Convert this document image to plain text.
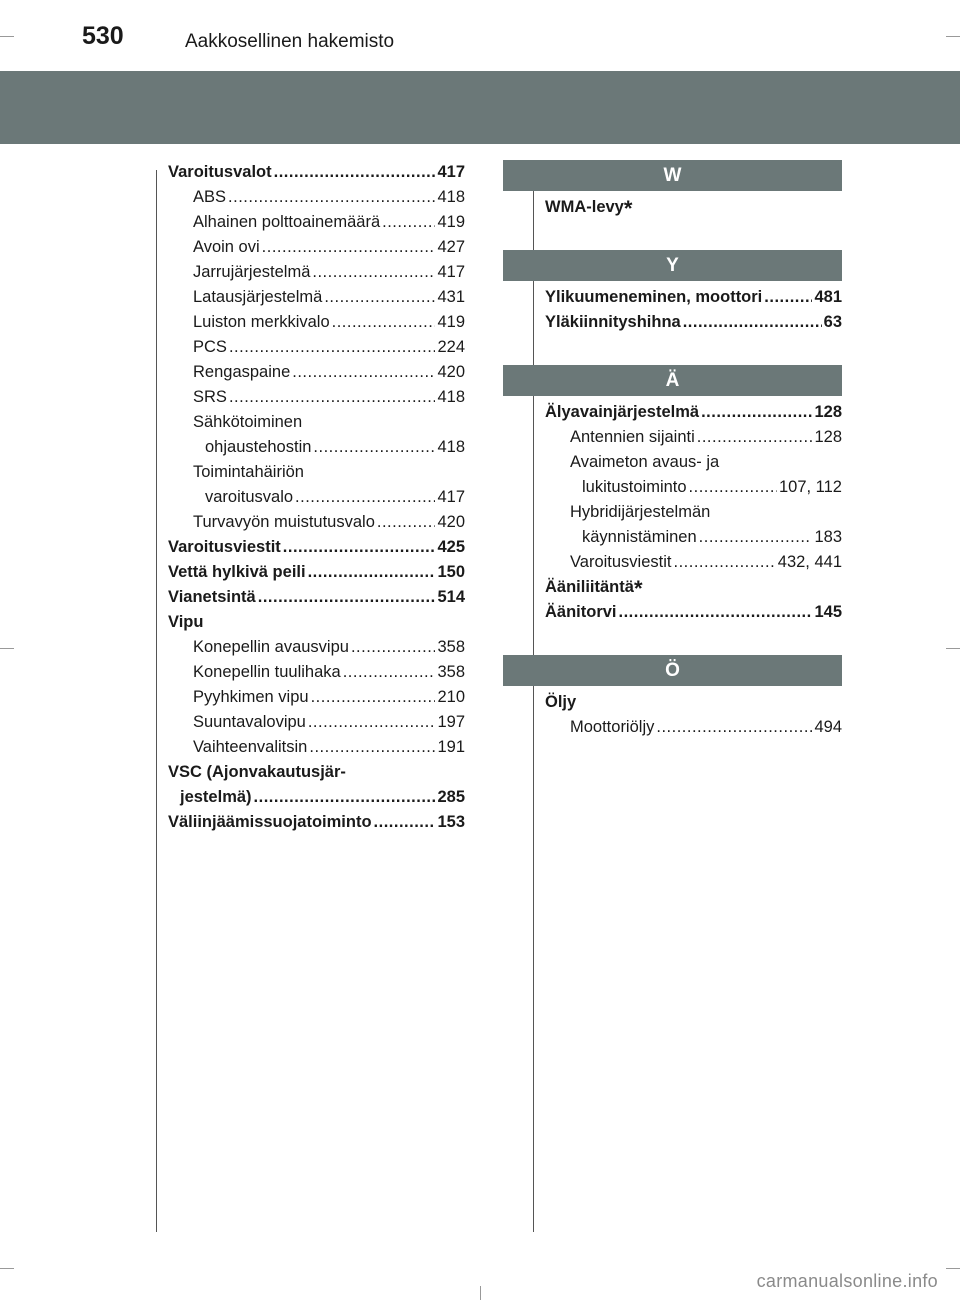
530	Aakkosellinen hakemisto
Varoitusvalot .....	417
ABS .....	418
Alhainen polttoainemäärä .....	419
Avoin ovi .....	427
Jarrujärjestelmä .....	417
Latausjärjestelmä .....	431
Luiston merkkivalo .....	419
PCS .....	224
Rengaspaine .....	420
SRS .....	418
Sähkötoiminen
ohjaustehostin .....	418
Toimintahäiriön
varoitusvalo .....	417
Turvavyön muistutusvalo .....	420
Varoitusviestit .....	425
Vettä hylkivä peili .....	150
Vianetsintä .....	514
Vipu
Konepellin avausvipu .....	358
Konepellin tuulihaka .....	358
Pyyhkimen vipu .....	210
Suuntavalovipu .....	197
Vaihteenvalitsin .....	191
VSC (Ajonvakautusjär-
jestelmä) .....	285
Väliinjäämissuojatoiminto .....	153
W
WMA-levy*
Y
Ylikuumeneminen, moottori .....	481
Yläkiinnityshihna .....	63
Ä
Älyavainjärjestelmä .....	128
Antennien sijainti .....	128
Avaimeton avaus- ja
lukitustoiminto .....	107, 112
Hybridijärjestelmän
käynnistäminen .....	183
Varoitusviestit .....	432, 441
Ääniliitäntä*
Äänitorvi .....	145
Ö
Öljy
Moottoriöljy .....	494
carmanualsonline.info
